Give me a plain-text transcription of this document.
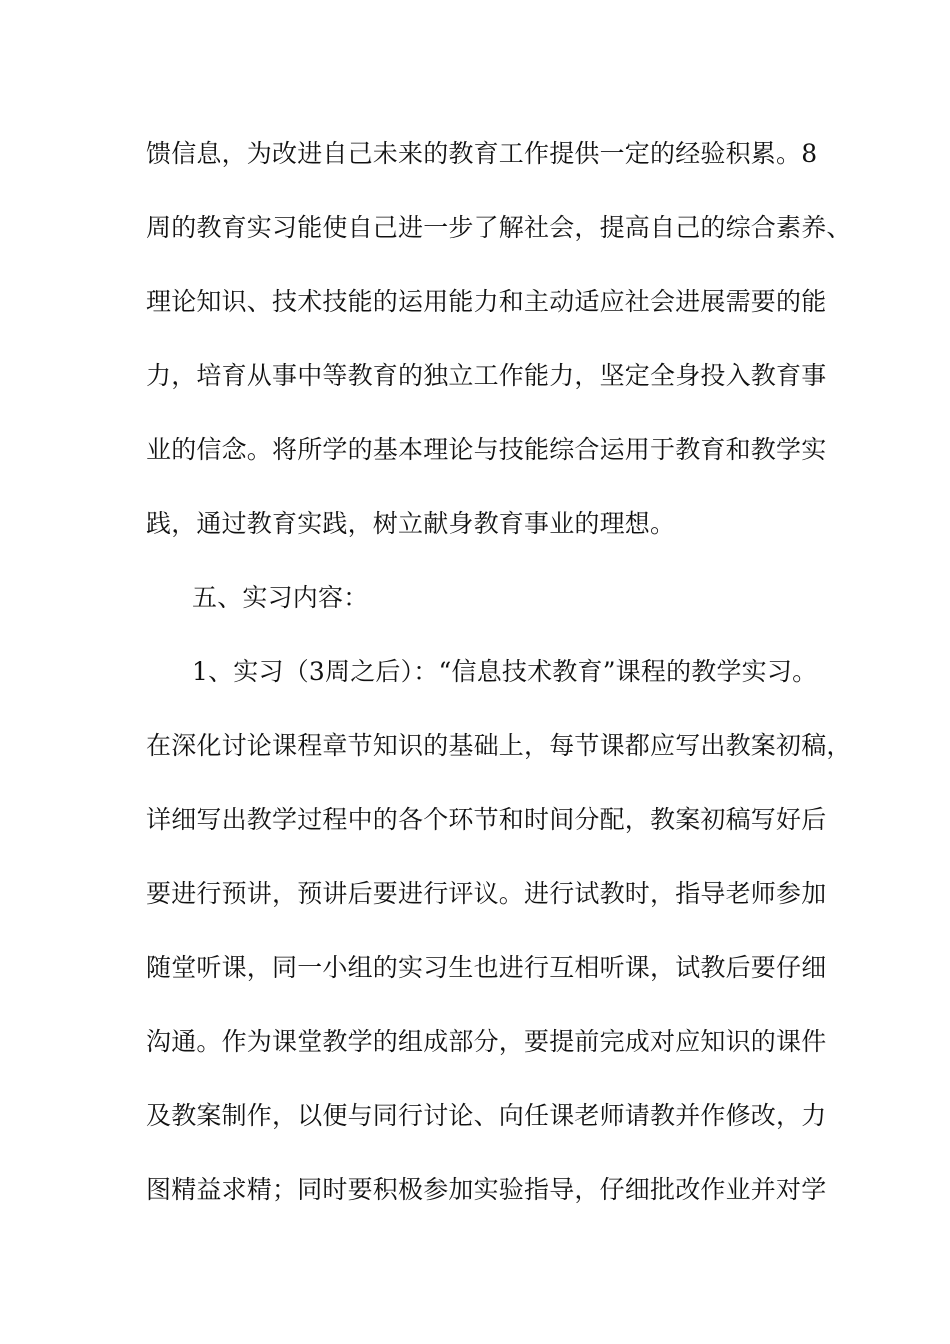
馈信息，为改进自己未来的教育工作提供一定的经验积累。8
周的教育实习能使自己进一步了解社会，提高自己的综合素养、
理论知识、技术技能的运用能力和主动适应社会进展需要的能
力，培育从事中等教育的独立工作能力，坚定全身投入教育事
业的信念。将所学的基本理论与技能综合运用于教育和教学实
践，通过教育实践，树立献身教育事业的理想。
五、实习内容：
1、实习（3周之后）：“信息技术教育”课程的教学实习。
在深化讨论课程章节知识的基础上，每节课都应写出教案初稿，
详细写出教学过程中的各个环节和时间分配，教案初稿写好后
要进行预讲，预讲后要进行评议。进行试教时，指导老师参加
随堂听课，同一小组的实习生也进行互相听课，试教后要仔细
沟通。作为课堂教学的组成部分，要提前完成对应知识的课件
及教案制作，以便与同行讨论、向任课老师请教并作修改，力
图精益求精；同时要积极参加实验指导，仔细批改作业并对学
